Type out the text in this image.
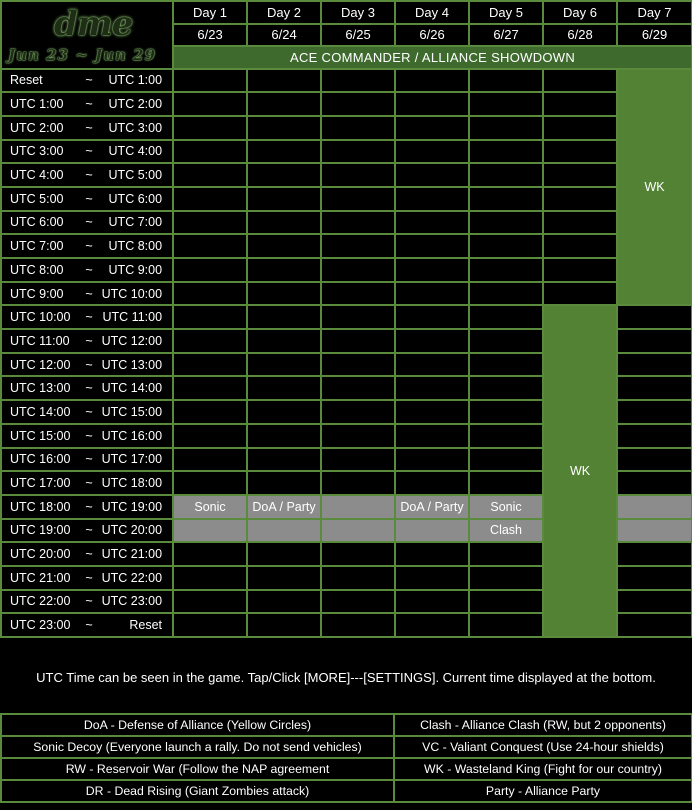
dme
Jun 23 ~ Jun 29			Day 1	Day 2	Day 3	Day 4	Day 5	Day 6	Day 7
			6/23	6/24	6/25	6/26	6/27	6/28	6/29
			ACE COMMANDER / ALLIANCE SHOWDOWN						
Reset	~	UTC 1:00							WK
UTC 1:00	~	UTC 2:00							
UTC 2:00	~	UTC 3:00							
UTC 3:00	~	UTC 4:00							
UTC 4:00	~	UTC 5:00							
UTC 5:00	~	UTC 6:00							
UTC 6:00	~	UTC 7:00							
UTC 7:00	~	UTC 8:00							
UTC 8:00	~	UTC 9:00							
UTC 9:00	~	UTC 10:00							
UTC 10:00	~	UTC 11:00						WK	
UTC 11:00	~	UTC 12:00							
UTC 12:00	~	UTC 13:00							
UTC 13:00	~	UTC 14:00							
UTC 14:00	~	UTC 15:00							
UTC 15:00	~	UTC 16:00							
UTC 16:00	~	UTC 17:00							
UTC 17:00	~	UTC 18:00							
UTC 18:00	~	UTC 19:00	Sonic	DoA / Party		DoA / Party	Sonic		
UTC 19:00	~	UTC 20:00					Clash		
UTC 20:00	~	UTC 21:00							
UTC 21:00	~	UTC 22:00							
UTC 22:00	~	UTC 23:00							
UTC 23:00	~	Reset							
UTC Time can be seen in the game. Tap/Click [MORE]---[SETTINGS]. Current time displayed at the bottom.
DoA - Defense of Alliance (Yellow Circles)	Clash - Alliance Clash (RW, but 2 opponents)
Sonic Decoy (Everyone launch a rally. Do not send vehicles)	VC - Valiant Conquest (Use 24-hour shields)
RW - Reservoir War (Follow the NAP agreement	WK - Wasteland King (Fight for our country)
DR - Dead Rising (Giant Zombies attack)	Party - Alliance Party
